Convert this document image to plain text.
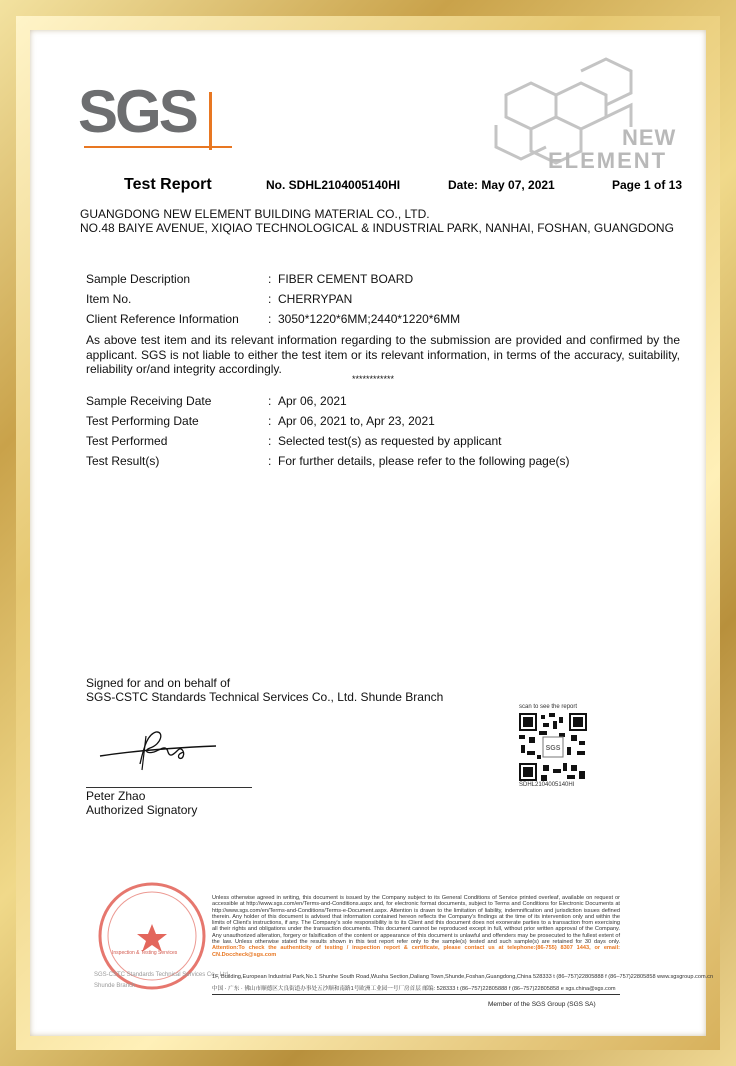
SGS	NEW
ELEMENT
Test Report	No. SDHL2104005140HI	Date: May 07, 2021	Page 1 of 13
GUANGDONG NEW ELEMENT BUILDING MATERIAL CO., LTD.
NO.48 BAIYE AVENUE, XIQIAO TECHNOLOGICAL & INDUSTRIAL PARK, NANHAI, FOSHAN, GUANGDONG
Sample Description	: FIBER CEMENT BOARD
Item No.	: CHERRYPAN
Client Reference Information : 3050*1220*6MM;2440*1220*6MM
As above test item and its relevant information regarding to the submission are provided and confirmed by the applicant. SGS is not liable to either the test item or its relevant information, in terms of the accuracy, suitability, reliability or/and integrity accordingly.
************
Sample Receiving Date	: Apr 06, 2021
Test Performing Date	: Apr 06, 2021 to, Apr 23, 2021
Test Performed	: Selected test(s) as requested by applicant
Test Result(s)	: For further details, please refer to the following page(s)
Signed for and on behalf of
SGS-CSTC Standards Technical Services Co., Ltd. Shunde Branch
Peter Zhao
Authorized Signatory
scan to see the report
SGS
SDHL2104005140HI
Inspection & Testing Services
SGS-CSTC Standards Technical Services Co., Ltd.
Shunde Branch
Unless otherwise agreed in writing, this document is issued by the Company subject to its General Conditions of Service printed overleaf, available on request or accessible at http://www.sgs.com/en/Terms-and-Conditions.aspx and, for electronic format documents, subject to Terms and Conditions for Electronic Documents at http://www.sgs.com/en/Terms-and-Conditions/Terms-e-Document.aspx. Attention is drawn to the limitation of liability, indemnification and jurisdiction issues defined therein. Any holder of this document is advised that information contained hereon reflects the Company's findings at the time of its intervention only and within the limits of Client's instructions, if any. The Company's sole responsibility is to its Client and this document does not exonerate parties to a transaction from exercising all their rights and obligations under the transaction documents. This document cannot be reproduced except in full, without prior written approval of the Company. Any unauthorized alteration, forgery or falsification of the content or appearance of this document is unlawful and offenders may be prosecuted to the fullest extent of the law. Unless otherwise stated the results shown in this test report refer only to the sample(s) tested and such sample(s) are retained for 30 days only. Attention:To check the authenticity of testing / inspection report & certificate, please contact us at telephone:(86-755) 8307 1443, or email: CN.Doccheck@sgs.com
1F, Building,European Industrial Park,No.1 Shunhe South Road,Wusha Section,Daliang Town,Shunde,Foshan,Guangdong,China 528333 t (86–757)22805888 f (86–757)22805858 www.sgsgroup.com.cn
中国 · 广东 · 佛山市顺德区大良街道办事处五沙顺和南路1号欧洲工业园一号厂房首层 邮编: 528333 t (86–757)22805888 f (86–757)22805858 e sgs.china@sgs.com
Member of the SGS Group (SGS SA)
